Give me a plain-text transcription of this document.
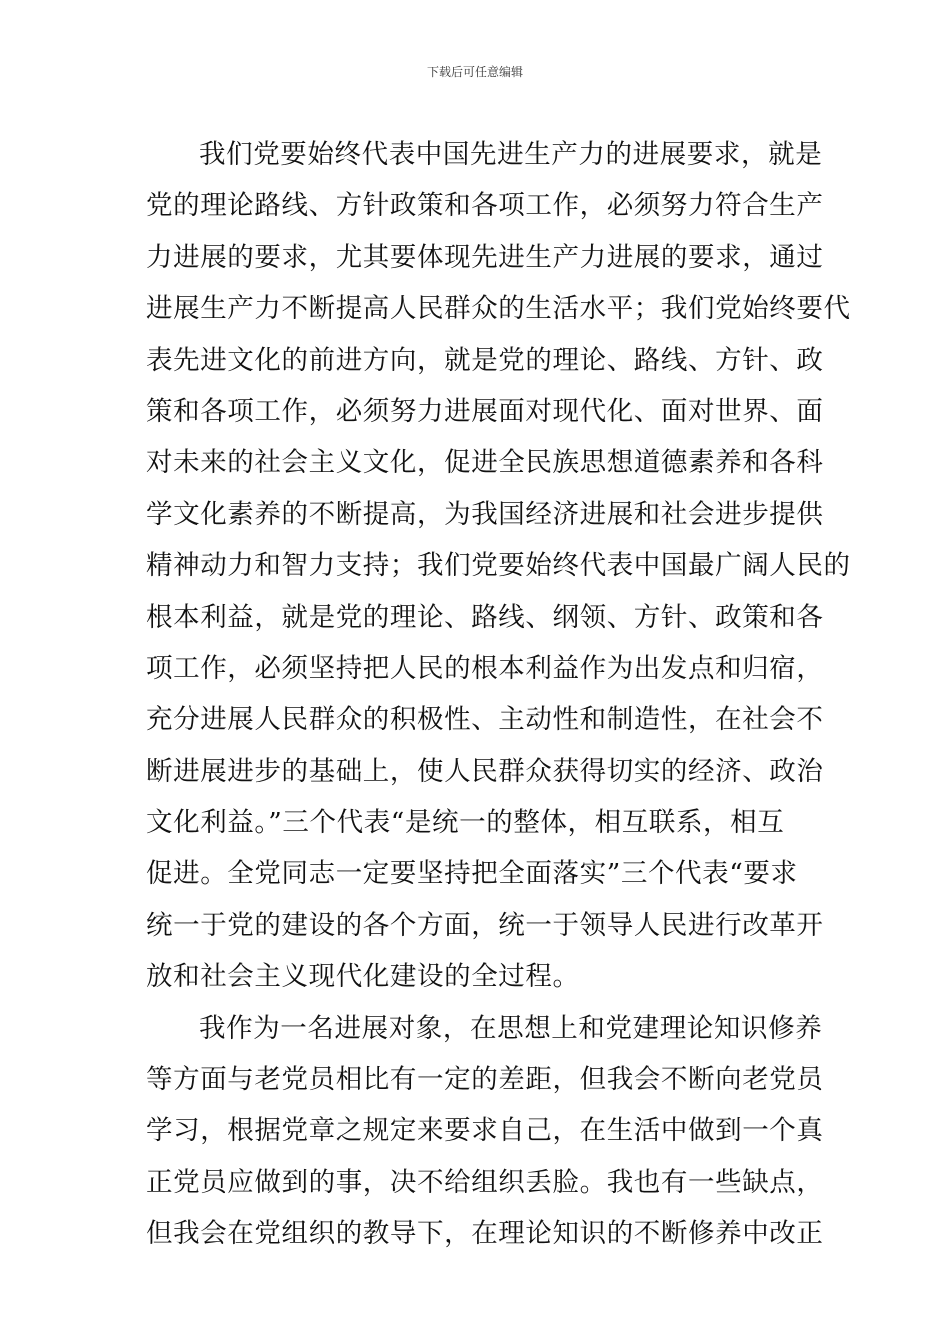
下载后可任意编辑
我们党要始终代表中国先进生产力的进展要求，就是
党的理论路线、方针政策和各项工作，必须努力符合生产
力进展的要求，尤其要体现先进生产力进展的要求，通过
进展生产力不断提高人民群众的生活水平；我们党始终要代
表先进文化的前进方向，就是党的理论、路线、方针、政
策和各项工作，必须努力进展面对现代化、面对世界、面
对未来的社会主义文化，促进全民族思想道德素养和各科
学文化素养的不断提高，为我国经济进展和社会进步提供
精神动力和智力支持；我们党要始终代表中国最广阔人民的
根本利益，就是党的理论、路线、纲领、方针、政策和各
项工作，必须坚持把人民的根本利益作为出发点和归宿，
充分进展人民群众的积极性、主动性和制造性，在社会不
断进展进步的基础上，使人民群众获得切实的经济、政治
文化利益。”三个代表“是统一的整体，相互联系，相互
促进。全党同志一定要坚持把全面落实”三个代表“要求
统一于党的建设的各个方面，统一于领导人民进行改革开
放和社会主义现代化建设的全过程。
我作为一名进展对象，在思想上和党建理论知识修养
等方面与老党员相比有一定的差距，但我会不断向老党员
学习，根据党章之规定来要求自己，在生活中做到一个真
正党员应做到的事，决不给组织丢脸。我也有一些缺点，
但我会在党组织的教导下，在理论知识的不断修养中改正
